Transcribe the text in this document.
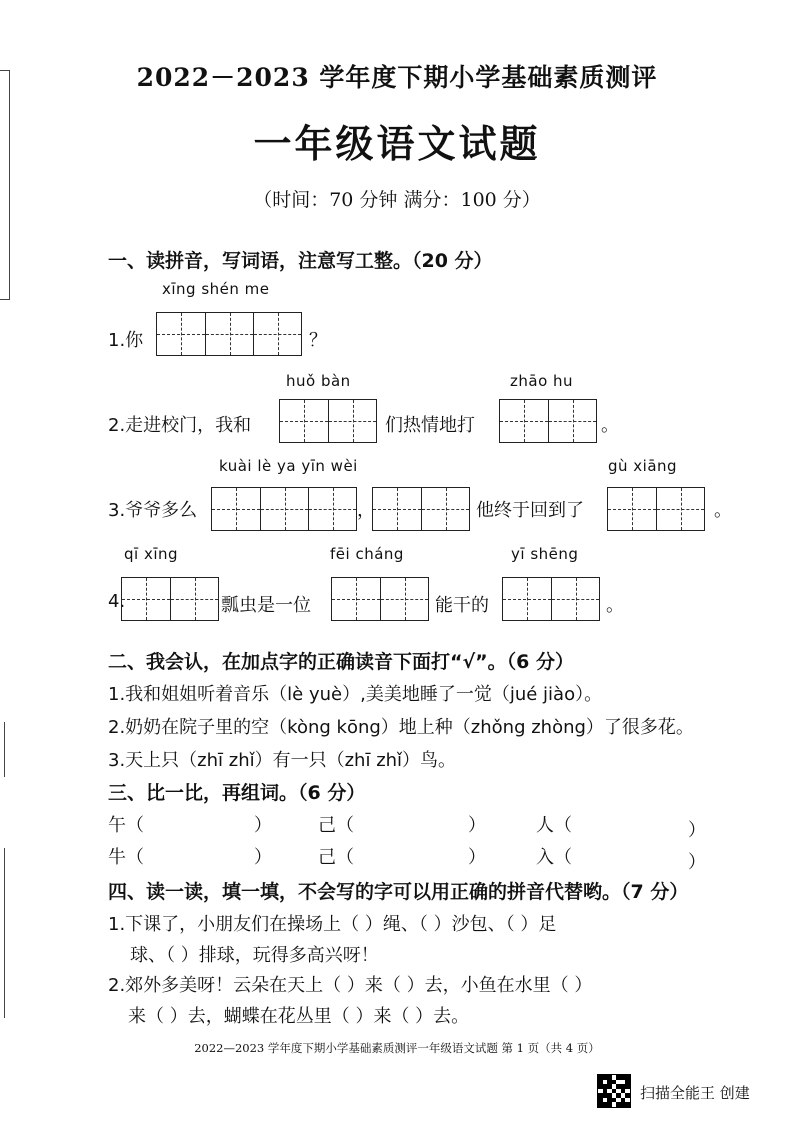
2022－2023 学年度下期小学基础素质测评
一年级语文试题
（时间：70 分钟 满分：100 分）
一、读拼音，写词语，注意写工整。（20 分）
xīng shén me
1.你	？
huǒ bàn	zhāo hu
2.走进校门，我和	们热情地打	。
kuài lè ya yīn wèi	gù xiāng
3.爷爷多么	，	他终于回到了	。
qī xīng	fēi cháng	yī shēng
4.	瓢虫是一位	能干的	。
二、我会认，在加点字的正确读音下面打“√”。（6 分）
1.我和姐姐听着音乐（lè yuè）,美美地睡了一觉（jué jiào）。
2.奶奶在院子里的空（kòng kōng）地上种（zhǒng zhòng）了很多花。
3.天上只（zhī zhǐ）有一只（zhī zhǐ）鸟。
三、比一比，再组词。（6 分）
午（	）	己（	）	人（	）
牛（	）	己（	）	入（	）
四、读一读，填一填，不会写的字可以用正确的拼音代替哟。（7 分）
1.下课了，小朋友们在操场上（ ）绳、（ ）沙包、（ ）足
球、（ ）排球，玩得多高兴呀！
2.郊外多美呀！云朵在天上（ ）来（ ）去，小鱼在水里（ ）
来（ ）去，蝴蝶在花丛里（ ）来（ ）去。
2022—2023 学年度下期小学基础素质测评一年级语文试题 第 1 页（共 4 页）
扫描全能王 创建
